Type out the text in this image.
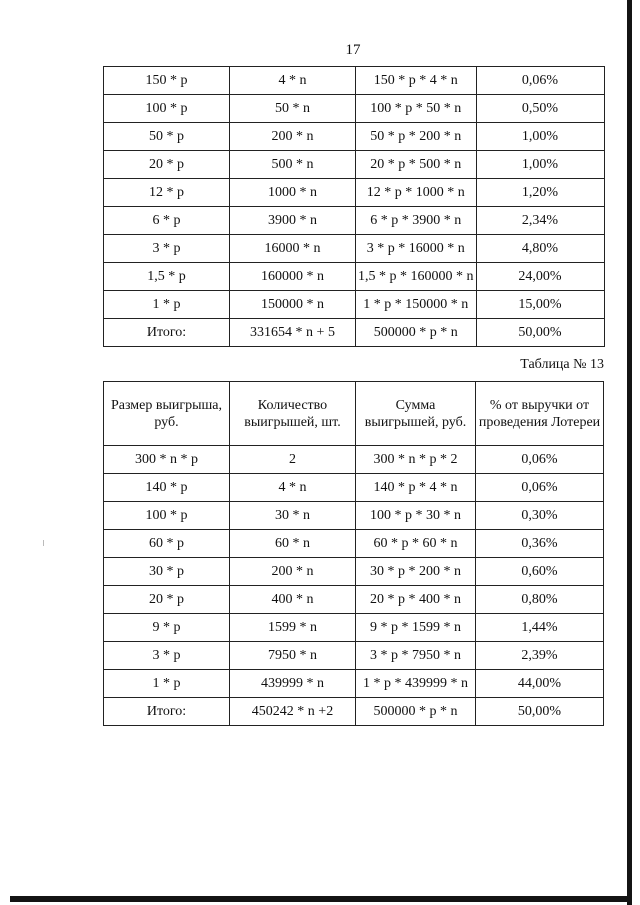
17
150 * p	4 * n	150 * p * 4 * n	0,06%
100 * p	50 * n	100 * p * 50 * n	0,50%
50 * p	200 * n	50 * p * 200 * n	1,00%
20 * p	500 * n	20 * p * 500 * n	1,00%
12 * p	1000 * n	12 * p * 1000 * n	1,20%
6 * p	3900 * n	6 * p * 3900 * n	2,34%
3 * p	16000 * n	3 * p * 16000 * n	4,80%
1,5 * p	160000 * n	1,5 * p * 160000 * n	24,00%
1 * p	150000 * n	1 * p * 150000 * n	15,00%
Итого:	331654 * n + 5	500000 * p * n	50,00%
Таблица № 13
Размер выигрыша, руб.	Количество выигрышей, шт.	Сумма выигрышей, руб.	% от выручки от проведения Лотереи
300 * n * p	2	300 * n * p * 2	0,06%
140 * p	4 * n	140 * p * 4 * n	0,06%
100 * p	30 * n	100 * p * 30 * n	0,30%
60 * p	60 * n	60 * p * 60 * n	0,36%
30 * p	200 * n	30 * p * 200 * n	0,60%
20 * p	400 * n	20 * p * 400 * n	0,80%
9 * p	1599 * n	9 * p * 1599 * n	1,44%
3 * p	7950 * n	3 * p * 7950 * n	2,39%
1 * p	439999 * n	1 * p * 439999 * n	44,00%
Итого:	450242 * n +2	500000 * p * n	50,00%
